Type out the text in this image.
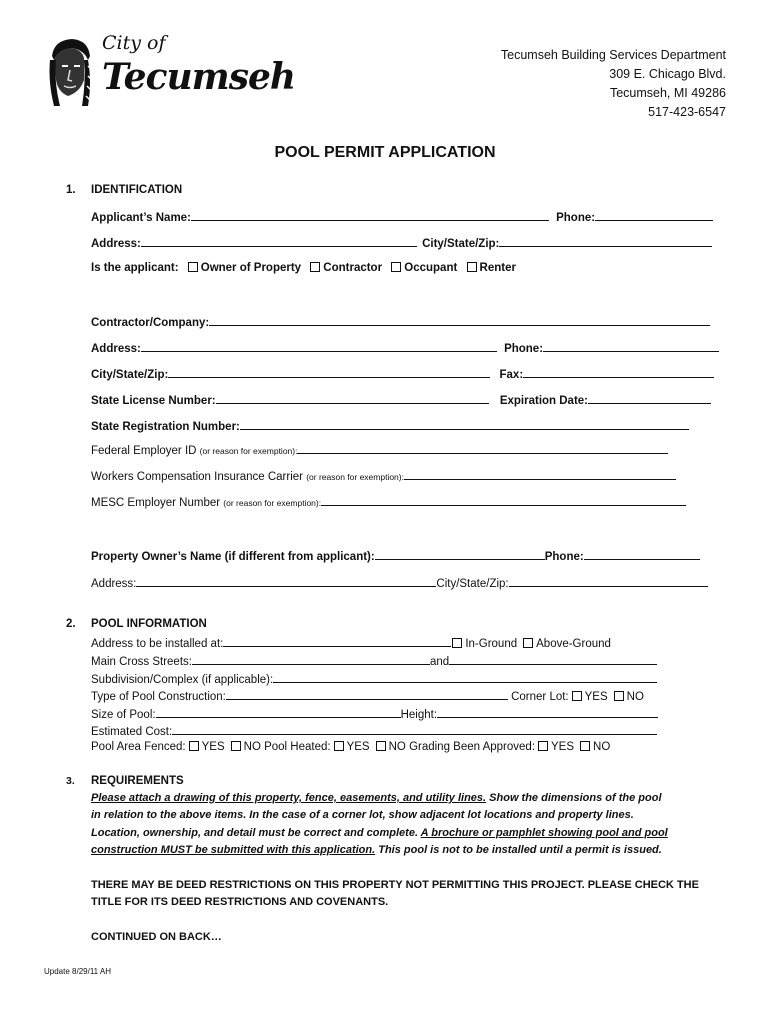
City of
Tecumseh
Tecumseh Building Services Department
309 E. Chicago Blvd.
Tecumseh, MI 49286
517-423-6547
POOL PERMIT APPLICATION
1. IDENTIFICATION
Applicant’s Name:	Phone:
Address:	City/State/Zip:
Is the applicant: Owner of Property Contractor Occupant Renter
Contractor/Company:
Address:	Phone:
City/State/Zip:	Fax:
State License Number:	Expiration Date:
State Registration Number:
Federal Employer ID (or reason for exemption):
Workers Compensation Insurance Carrier (or reason for exemption):
MESC Employer Number (or reason for exemption):
Property Owner’s Name (if different from applicant):	Phone:
Address:	City/State/Zip:
2. POOL INFORMATION
Address to be installed at:	In-Ground Above-Ground
Main Cross Streets:	and
Subdivision/Complex (if applicable):
Type of Pool Construction:	Corner Lot: YES NO
Size of Pool:	Height:
Estimated Cost:
Pool Area Fenced: YES NO Pool Heated: YES NO Grading Been Approved: YES NO
3. REQUIREMENTS
Please attach a drawing of this property, fence, easements, and utility lines. Show the dimensions of the pool
in relation to the above items. In the case of a corner lot, show adjacent lot locations and property lines.
Location, ownership, and detail must be correct and complete. A brochure or pamphlet showing pool and pool
construction MUST be submitted with this application. This pool is not to be installed until a permit is issued.
THERE MAY BE DEED RESTRICTIONS ON THIS PROPERTY NOT PERMITTING THIS PROJECT. PLEASE CHECK THE
TITLE FOR ITS DEED RESTRICTIONS AND COVENANTS.
CONTINUED ON BACK…
Update 8/29/11 AH
